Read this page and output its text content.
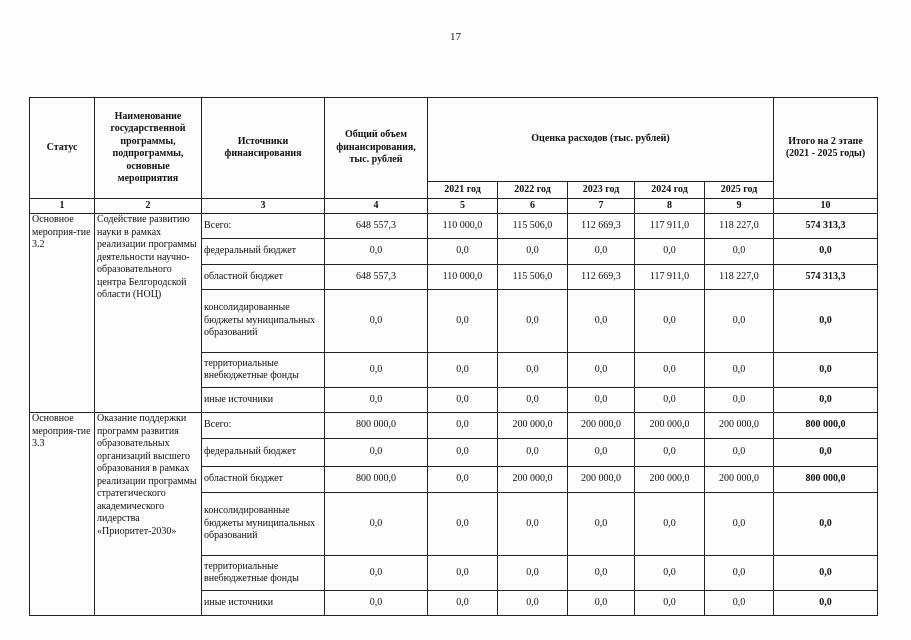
17
Статус	Наименование государственной программы, подпрограммы, основные мероприятия	Источники финансирования	Общий объем финансирования, тыс. рублей	Оценка расходов (тыс. рублей)					Итого на 2 этапе (2021 - 2025 годы)
				2021 год	2022 год	2023 год	2024 год	2025 год	
1	2	3	4	5	6	7	8	9	10
Основное мероприя-тие 3.2	Содействие развитию науки в рамках реализации программы деятельности научно-образовательного центра Белгородской области (НОЦ)	Всего:	648 557,3	110 000,0	115 506,0	112 669,3	117 911,0	118 227,0	574 313,3
		федеральный бюджет	0,0	0,0	0,0	0,0	0,0	0,0	0,0
		областной бюджет	648 557,3	110 000,0	115 506,0	112 669,3	117 911,0	118 227,0	574 313,3
		консолидированные бюджеты муниципальных образований	0,0	0,0	0,0	0,0	0,0	0,0	0,0
		территориальные внебюджетные фонды	0,0	0,0	0,0	0,0	0,0	0,0	0,0
		иные источники	0,0	0,0	0,0	0,0	0,0	0,0	0,0
Основное мероприя-тие 3.3	Оказание поддержки программ развития образовательных организаций высшего образования в рамках реализации программы стратегического академического лидерства «Приоритет-2030»	Всего:	800 000,0	0,0	200 000,0	200 000,0	200 000,0	200 000,0	800 000,0
		федеральный бюджет	0,0	0,0	0,0	0,0	0,0	0,0	0,0
		областной бюджет	800 000,0	0,0	200 000,0	200 000,0	200 000,0	200 000,0	800 000,0
		консолидированные бюджеты муниципальных образований	0,0	0,0	0,0	0,0	0,0	0,0	0,0
		территориальные внебюджетные фонды	0,0	0,0	0,0	0,0	0,0	0,0	0,0
		иные источники	0,0	0,0	0,0	0,0	0,0	0,0	0,0
